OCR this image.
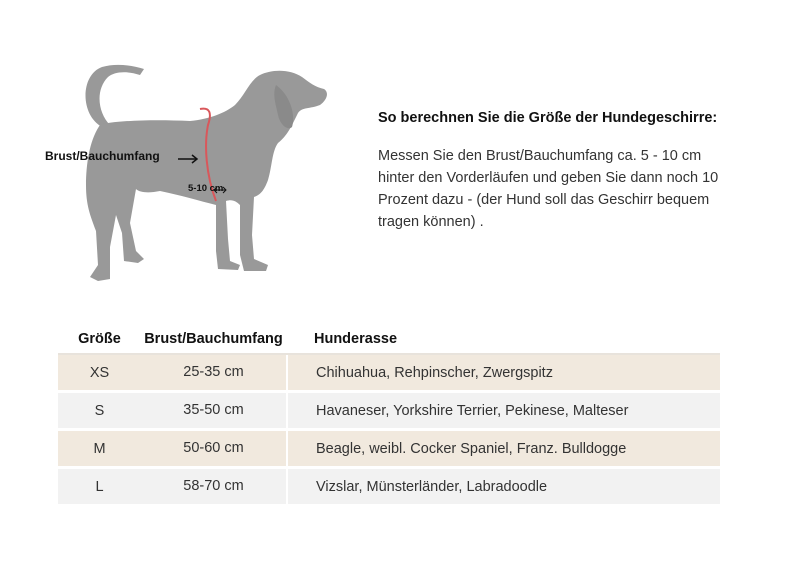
Brust/Bauchumfang
5-10 cm
So berechnen Sie die Größe der Hundegeschirre:

Messen Sie den Brust/Bauchumfang ca. 5 - 10 cm hinter den Vorderläufen und geben Sie dann noch 10 Prozent dazu - (der Hund soll das Geschirr bequem tragen können) .

Größe	Brust/Bauchumfang	Hunderasse
XS	25-35 cm	Chihuahua, Rehpinscher, Zwergspitz
S	35-50 cm	Havaneser, Yorkshire Terrier, Pekinese, Malteser
M	50-60 cm	Beagle, weibl. Cocker Spaniel, Franz. Bulldogge
L	58-70 cm	Vizslar, Münsterländer, Labradoodle
